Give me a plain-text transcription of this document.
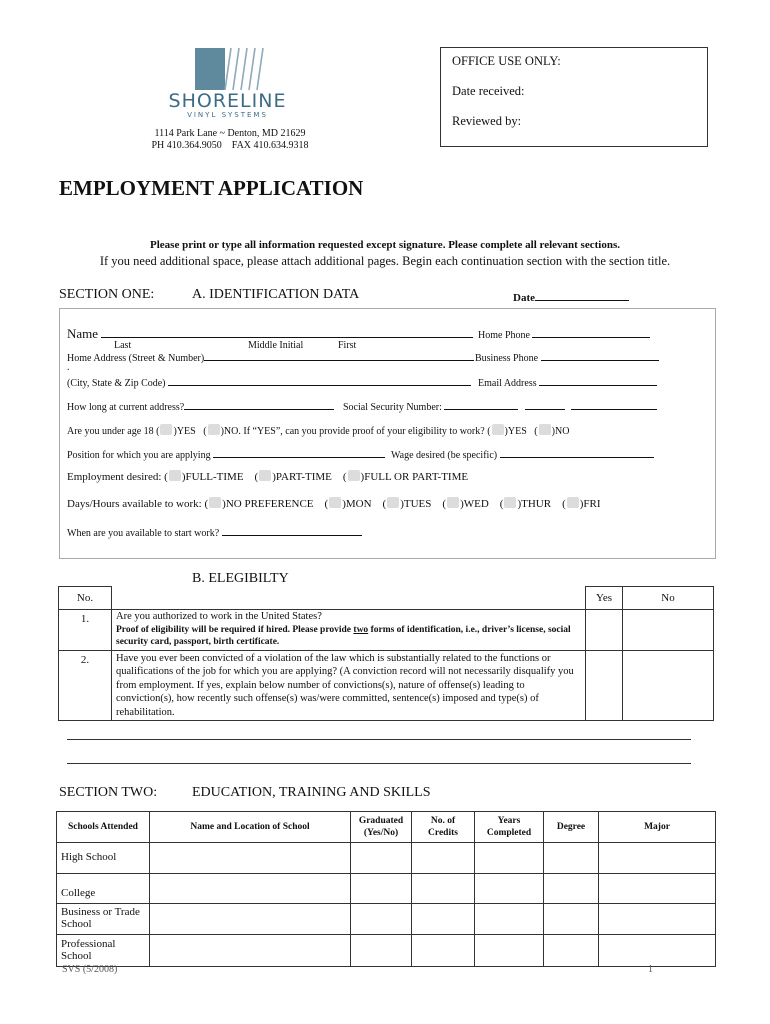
SHORELINE
VINYL SYSTEMS
1114 Park Lane ~ Denton, MD 21629
PH 410.364.9050    FAX 410.634.9318
OFFICE USE ONLY:
Date received:
Reviewed by:
EMPLOYMENT APPLICATION
Please print or type all information requested except signature. Please complete all relevant sections.
If you need additional space, please attach additional pages. Begin each continuation section with the section title.
SECTION ONE:	A. IDENTIFICATION DATA	Date
Name
Last	Middle Initial	First
Home Phone
Home Address (Street & Number)	Business Phone
.
(City, State & Zip Code)	Email Address
How long at current address?	Social Security Number:
Are you under age 18 ( )YES   ( )NO. If “YES”, can you provide proof of your eligibility to work? ( )YES   ( )NO
Position for which you are applying	Wage desired (be specific)
Employment desired: ( )FULL-TIME    ( )PART-TIME    ( )FULL OR PART-TIME
Days/Hours available to work: ( )NO PREFERENCE    ( )MON    ( )TUES    ( )WED    ( )THUR    ( )FRI
When are you available to start work?
B. ELEGIBILTY
No.		Yes	No
1.	Are you authorized to work in the United States?
Proof of eligibility will be required if hired. Please provide two forms of identification, i.e., driver’s license, social security card, passport, birth certificate.		
2.	Have you ever been convicted of a violation of the law which is substantially related to the functions or qualifications of the job for which you are applying? (A conviction record will not necessarily disqualify you from employment. If yes, explain below number of convictions(s), nature of offense(s) leading to conviction(s), how recently such offense(s) was/were committed, sentence(s) imposed and type(s) of rehabilitation.		
SECTION TWO: EDUCATION, TRAINING AND SKILLS
Schools Attended	Name and Location of School	Graduated (Yes/No)	No. of Credits	Years Completed	Degree	Major
High School						
College						
Business or Trade School						
Professional School						
SVS (5/2008)	1
